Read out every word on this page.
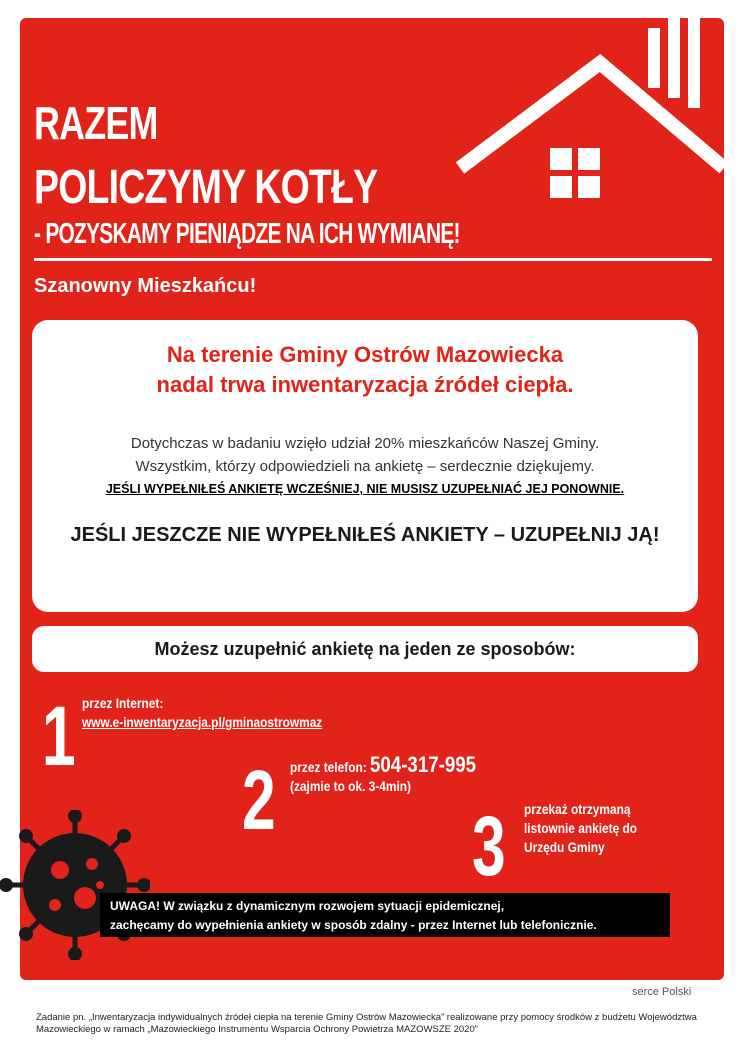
RAZEM
POLICZYMY KOTŁY
- POZYSKAMY PIENIĄDZE NA ICH WYMIANĘ!
Szanowny Mieszkańcu!
Na terenie Gminy Ostrów Mazowiecka
nadal trwa inwentaryzacja źródeł ciepła.
Dotychczas w badaniu wzięło udział 20% mieszkańców Naszej Gminy.
Wszystkim, którzy odpowiedzieli na ankietę – serdecznie dziękujemy.
JEŚLI WYPEŁNIŁEŚ ANKIETĘ WCZEŚNIEJ, NIE MUSISZ UZUPEŁNIAĆ JEJ PONOWNIE.
JEŚLI JESZCZE NIE WYPEŁNIŁEŚ ANKIETY – UZUPEŁNIJ JĄ!
Możesz uzupełnić ankietę na jeden ze sposobów:
1 przez Internet:
www.e-inwentaryzacja.pl/gminaostrowmaz
2 przez telefon: 504-317-995
(zajmie to ok. 3-4min)
3 przekaż otrzymaną
listownie ankietę do
Urzędu Gminy
UWAGA! W związku z dynamicznym rozwojem sytuacji epidemicznej,
zachęcamy do wypełnienia ankiety w sposób zdalny - przez Internet lub telefonicznie.
Mazowsze.
serce Polski
Zadanie pn. „Inwentaryzacja indywidualnych źródeł ciepła na terenie Gminy Ostrów Mazowiecka” realizowane przy pomocy środków z budżetu Województwa Mazowieckiego w ramach „Mazowieckiego Instrumentu Wsparcia Ochrony Powietrza MAZOWSZE 2020”
